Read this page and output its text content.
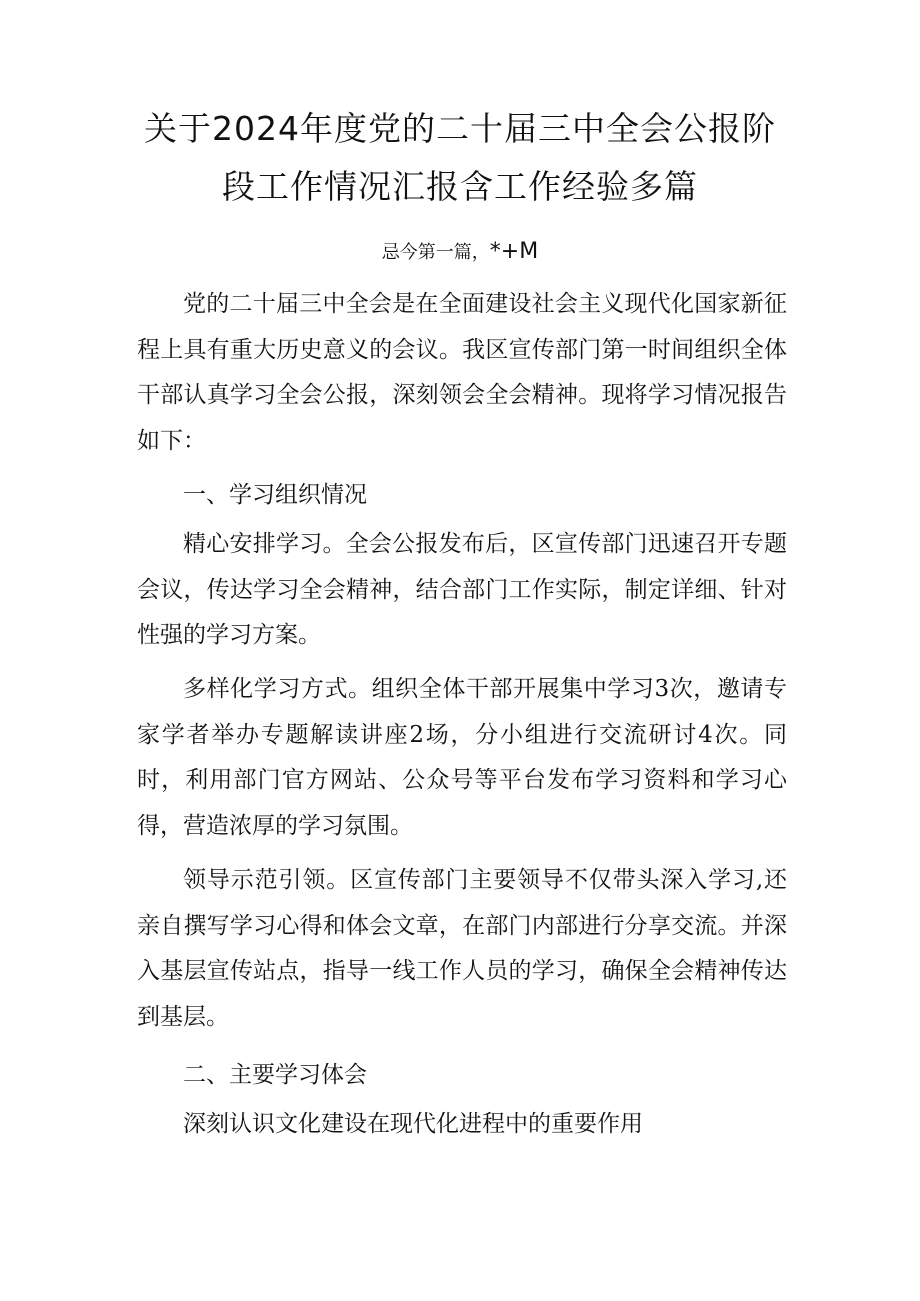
关于2024年度党的二十届三中全会公报阶
段工作情况汇报含工作经验多篇

忌今第一篇，*+M

党的二十届三中全会是在全面建设社会主义现代化国家新征程上具有重大历史意义的会议。我区宣传部门第一时间组织全体干部认真学习全会公报，深刻领会全会精神。现将学习情况报告如下：

一、学习组织情况

精心安排学习。全会公报发布后，区宣传部门迅速召开专题会议，传达学习全会精神，结合部门工作实际，制定详细、针对性强的学习方案。

多样化学习方式。组织全体干部开展集中学习3次，邀请专家学者举办专题解读讲座2场，分小组进行交流研讨4次。同时，利用部门官方网站、公众号等平台发布学习资料和学习心得，营造浓厚的学习氛围。

领导示范引领。区宣传部门主要领导不仅带头深入学习,还亲自撰写学习心得和体会文章，在部门内部进行分享交流。并深入基层宣传站点，指导一线工作人员的学习，确保全会精神传达到基层。

二、主要学习体会

深刻认识文化建设在现代化进程中的重要作用
